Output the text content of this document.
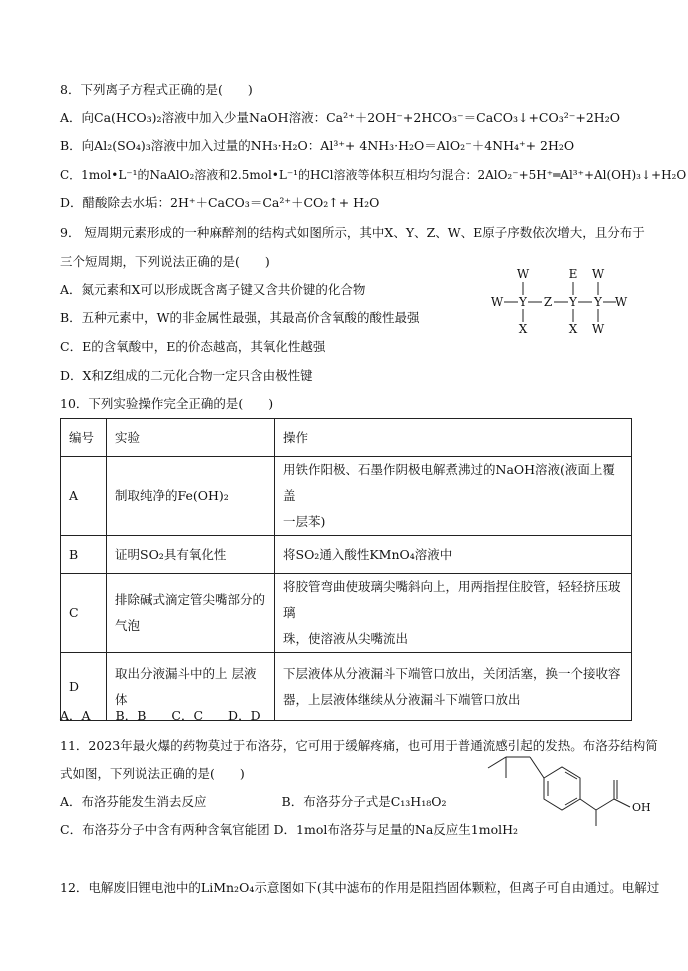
8．下列离子方程式正确的是(　　)
A．向Ca(HCO₃)₂溶液中加入少量NaOH溶液：Ca²⁺＋2OH⁻+2HCO₃⁻＝CaCO₃↓+CO₃²⁻+2H₂O
B．向Al₂(SO₄)₃溶液中加入过量的NH₃·H₂O：Al³⁺+ 4NH₃·H₂O＝AlO₂⁻＋4NH₄⁺+ 2H₂O
C．1mol•L⁻¹的NaAlO₂溶液和2.5mol•L⁻¹的HCl溶液等体积互相均匀混合：2AlO₂⁻+5H⁺═Al³⁺+Al(OH)₃↓+H₂O
D．醋酸除去水垢：2H⁺＋CaCO₃＝Ca²⁺＋CO₂↑+ H₂O
9． 短周期元素形成的一种麻醉剂的结构式如图所示，其中X、Y、Z、W、E原子序数依次增大，且分布于
三个短周期，下列说法正确的是(　　)
A．氮元素和X可以形成既含离子键又含共价键的化合物
B．五种元素中，W的非金属性最强，其最高价含氧酸的酸性最强
C．E的含氧酸中，E的价态越高，其氧化性越强
D．X和Z组成的二元化合物一定只含由极性键
W
W	W
Y Z
E
Y Y W
X	X W
10．下列实验操作完全正确的是(　　)
编号	实验	操作
A	制取纯净的Fe(OH)₂	用铁作阳极、石墨作阴极电解煮沸过的NaOH溶液(液面上覆盖
一层苯)
B	证明SO₂具有氧化性	将SO₂通入酸性KMnO₄溶液中
C	排除碱式滴定管尖嘴部分的
气泡	将胶管弯曲使玻璃尖嘴斜向上，用两指捏住胶管，轻轻挤压玻璃
珠，使溶液从尖嘴流出
D	取出分液漏斗中的上 层液体	下层液体从分液漏斗下端管口放出，关闭活塞，换一个接收容
器，上层液体继续从分液漏斗下端管口放出
A．A　　B．B　　C．C　　D．D
11．2023年最火爆的药物莫过于布洛芬，它可用于缓解疼痛，也可用于普通流感引起的发热。布洛芬结构简
式如图，下列说法正确的是(　　)
A．布洛芬能发生消去反应　　　　　　B．布洛芬分子式是C₁₃H₁₈O₂
C．布洛芬分子中含有两种含氧官能团 D．1mol布洛芬与足量的Na反应生1molH₂
OH
12．电解废旧锂电池中的LiMn₂O₄示意图如下(其中滤布的作用是阻挡固体颗粒，但离子可自由通过。电解过
